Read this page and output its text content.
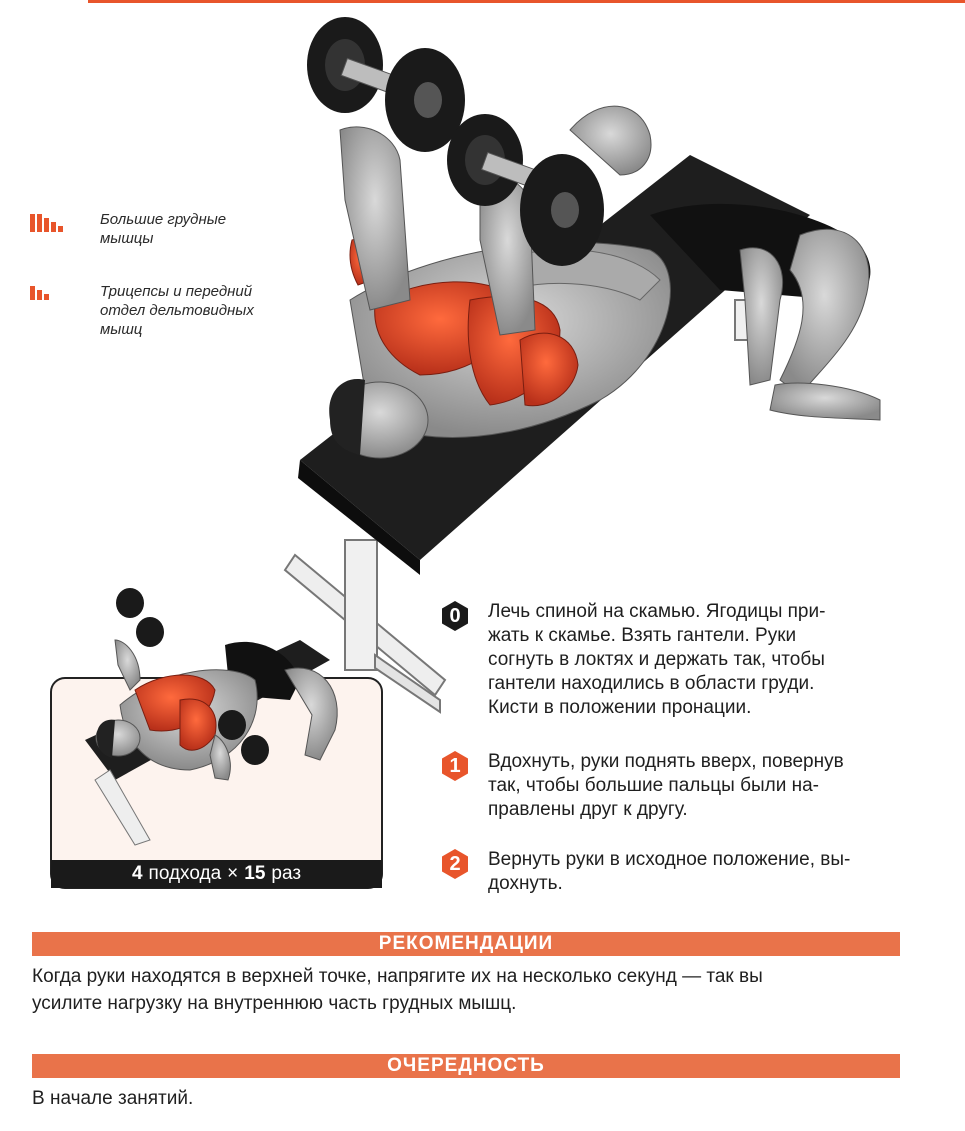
Большие грудные
мышцы
Трицепсы и передний
отдел дельтовидных
мышц
0 Лечь спиной на скамью. Ягодицы при-
жать к скамье. Взять гантели. Руки
согнуть в локтях и держать так, чтобы
гантели находились в области груди.
Кисти в положении пронации.
1 Вдохнуть, руки поднять вверх, повернув
так, чтобы большие пальцы были на-
правлены друг к другу.
2 Вернуть руки в исходное положение, вы-
дохнуть.
4 подхода × 15 раз
РЕКОМЕНДАЦИИ
Когда руки находятся в верхней точке, напрягите их на несколько секунд — так вы
усилите нагрузку на внутреннюю часть грудных мышц.
ОЧЕРЕДНОСТЬ
В начале занятий.
